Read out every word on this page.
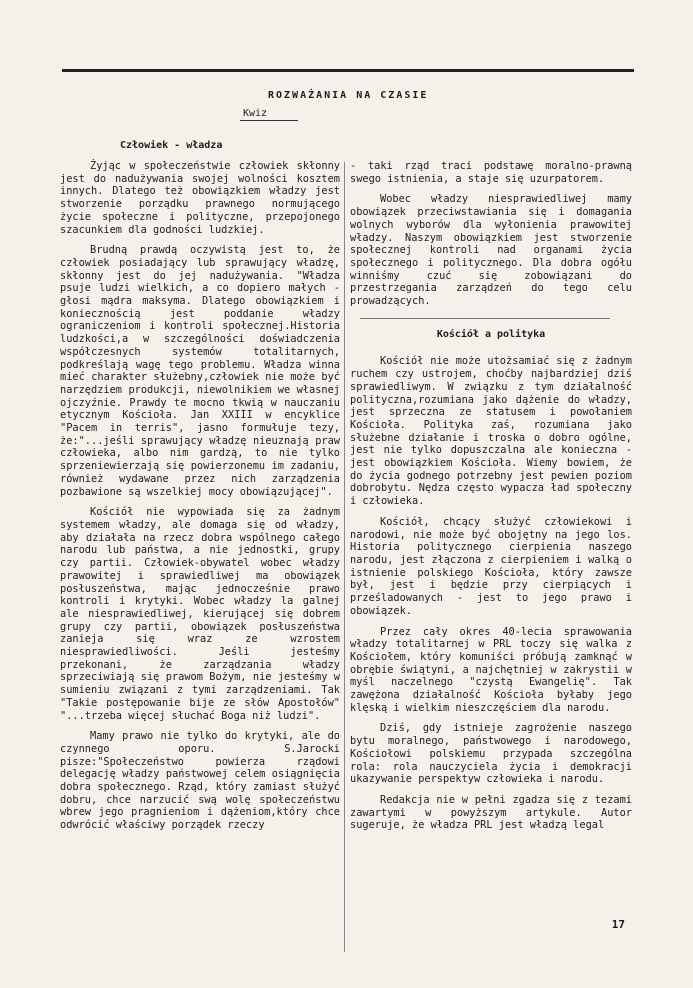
ROZWAŻANIA NA CZASIE
Kwiz
Człowiek - władza

Żyjąc w społeczeństwie człowiek skłonny jest do nadużywania swojej wolności kosztem innych. Dlatego też obowiązkiem władzy jest stworzenie porządku prawnego normującego życie społeczne i polityczne, przepojonego szacunkiem dla godności ludzkiej.

Brudną prawdą oczywistą jest to, że człowiek posiadający lub sprawujący władzę, skłonny jest do jej nadużywania. "Władza psuje ludzi wielkich, a co dopiero małych - głosi mądra maksyma. Dlatego obowiązkiem i koniecznością jest poddanie władzy ograniczeniom i kontroli społecznej.Historia ludzkości,a w szczególności doświadczenia współczesnych systemów totalitarnych, podkreślają wagę tego problemu. Władza winna mieć charakter służebny,człowiek nie może być narzędziem produkcji, niewolnikiem we własnej ojczyźnie. Prawdy te mocno tkwią w nauczaniu etycznym Kościoła. Jan XXIII w encyklice "Pacem in terris", jasno formułuje tezy, że:"...jeśli sprawujący władzę nieuznają praw człowieka, albo nim gardzą, to nie tylko sprzeniewierzają się powierzonemu im zadaniu, również wydawane przez nich zarządzenia pozbawione są wszelkiej mocy obowiązującej".

Kościół nie wypowiada się za żadnym systemem władzy, ale domaga się od władzy, aby działała na rzecz dobra wspólnego całego narodu lub państwa, a nie jednostki, grupy czy partii. Człowiek-obywatel wobec władzy prawowitej i sprawiedliwej ma obowiązek posłuszeństwa, mając jednocześnie prawo kontroli i krytyki. Wobec władzy la galnej ale niesprawiedliwej, kierującej się dobrem grupy czy partii, obowiązek posłuszeństwa zanieja się wraz ze wzrostem niesprawiedliwości. Jeśli jesteśmy przekonani, że zarządzania władzy sprzeciwiają się prawom Bożym, nie jesteśmy w sumieniu związani z tymi zarządzeniami. Tak "Takie postępowanie bije ze słów Apostołów" "...trzeba więcej słuchać Boga niż ludzi".

Mamy prawo nie tylko do krytyki, ale do czynnego oporu. S.Jarocki pisze:"Społeczeństwo powierza rządowi delegację władzy państwowej celem osiągnięcia dobra społecznego. Rząd, który zamiast służyć dobru, chce narzucić swą wolę społeczeństwu wbrew jego pragnieniom i dążeniom,który chce odwrócić właściwy porządek rzeczy

- taki rząd traci podstawę moralno-prawną swego istnienia, a staje się uzurpatorem.

Wobec władzy niesprawiedliwej mamy obowiązek przeciwstawiania się i domagania wolnych wyborów dla wyłonienia prawowitej władzy. Naszym obowiązkiem jest stworzenie społecznej kontroli nad organami życia społecznego i politycznego. Dla dobra ogółu winniśmy czuć się zobowiązani do przestrzegania zarządzeń do tego celu prowadzących.

Kościół a polityka

Kościół nie może utożsamiać się z żadnym ruchem czy ustrojem, choćby najbardziej dziś sprawiedliwym. W związku z tym działalność polityczna,rozumiana jako dążenie do władzy, jest sprzeczna ze statusem i powołaniem Kościoła. Polityka zaś, rozumiana jako służebne działanie i troska o dobro ogólne, jest nie tylko dopuszczalna ale konieczna - jest obowiązkiem Kościoła. Wiemy bowiem, że do życia godnego potrzebny jest pewien poziom dobrobytu. Nędza często wypacza ład społeczny i człowieka.

Kościół, chcący służyć człowiekowi i narodowi, nie może być obojętny na jego los. Historia politycznego cierpienia naszego narodu, jest złączona z cierpieniem i walką o istnienie polskiego Kościoła, który zawsze był, jest i będzie przy cierpiących i prześladowanych - jest to jego prawo i obowiązek.

Przez cały okres 40-lecia sprawowania władzy totalitarnej w PRL toczy się walka z Kościołem, który komuniści próbują zamknąć w obrębie świątyni, a najchętniej w zakrystii w myśl naczelnego "czystą Ewangelię". Tak zawężona działalność Kościoła byłaby jego klęską i wielkim nieszczęściem dla narodu.

Dziś, gdy istnieje zagrożenie naszego bytu moralnego, państwowego i narodowego, Kościołowi polskiemu przypada szczególna rola: rola nauczyciela życia i demokracji ukazywanie perspektyw człowieka i narodu.

Redakcja nie w pełni zgadza się z tezami zawartymi w powyższym artykule. Autor sugeruje, że władza PRL jest władzą legal

17
